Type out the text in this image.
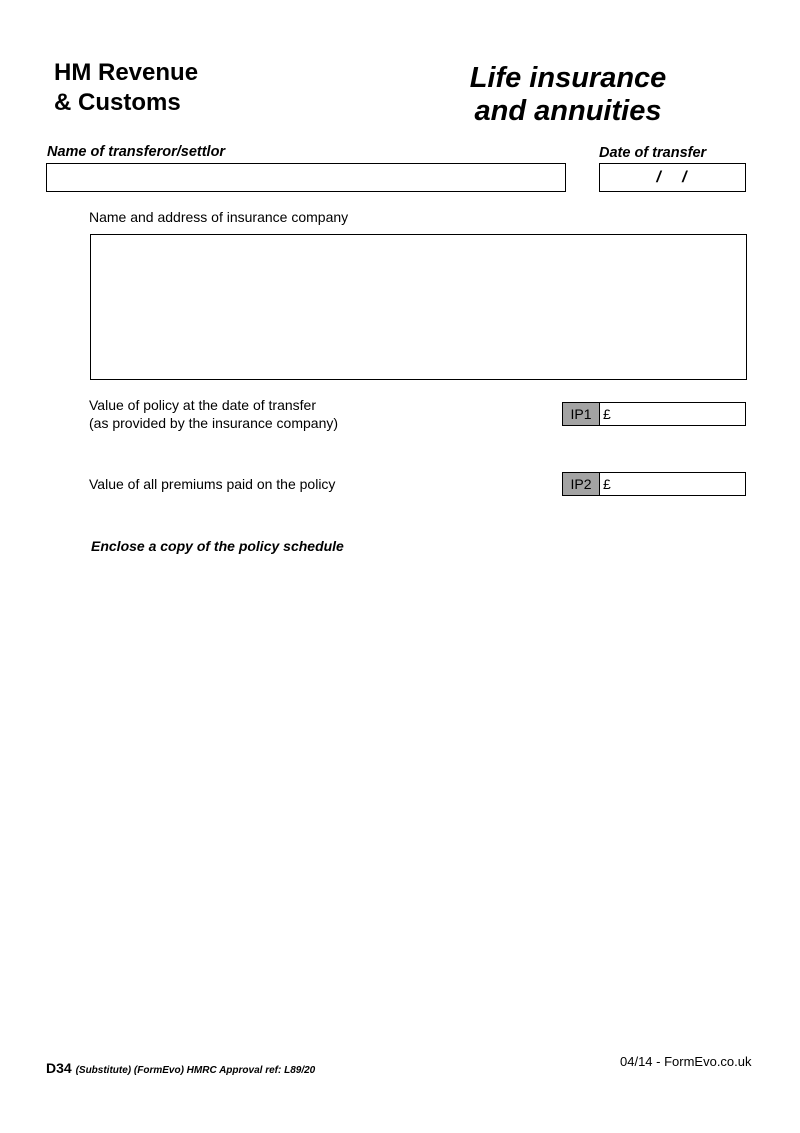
HM Revenue
& Customs
Life insurance
and annuities
Name of transferor/settlor	Date of transfer
/   /
Name and address of insurance company
Value of policy at the date of transfer
(as provided by the insurance company)
IP1 £
Value of all premiums paid on the policy	IP2 £
Enclose a copy of the policy schedule
D34 (Substitute) (FormEvo) HMRC Approval ref: L89/20
04/14 - FormEvo.co.uk
